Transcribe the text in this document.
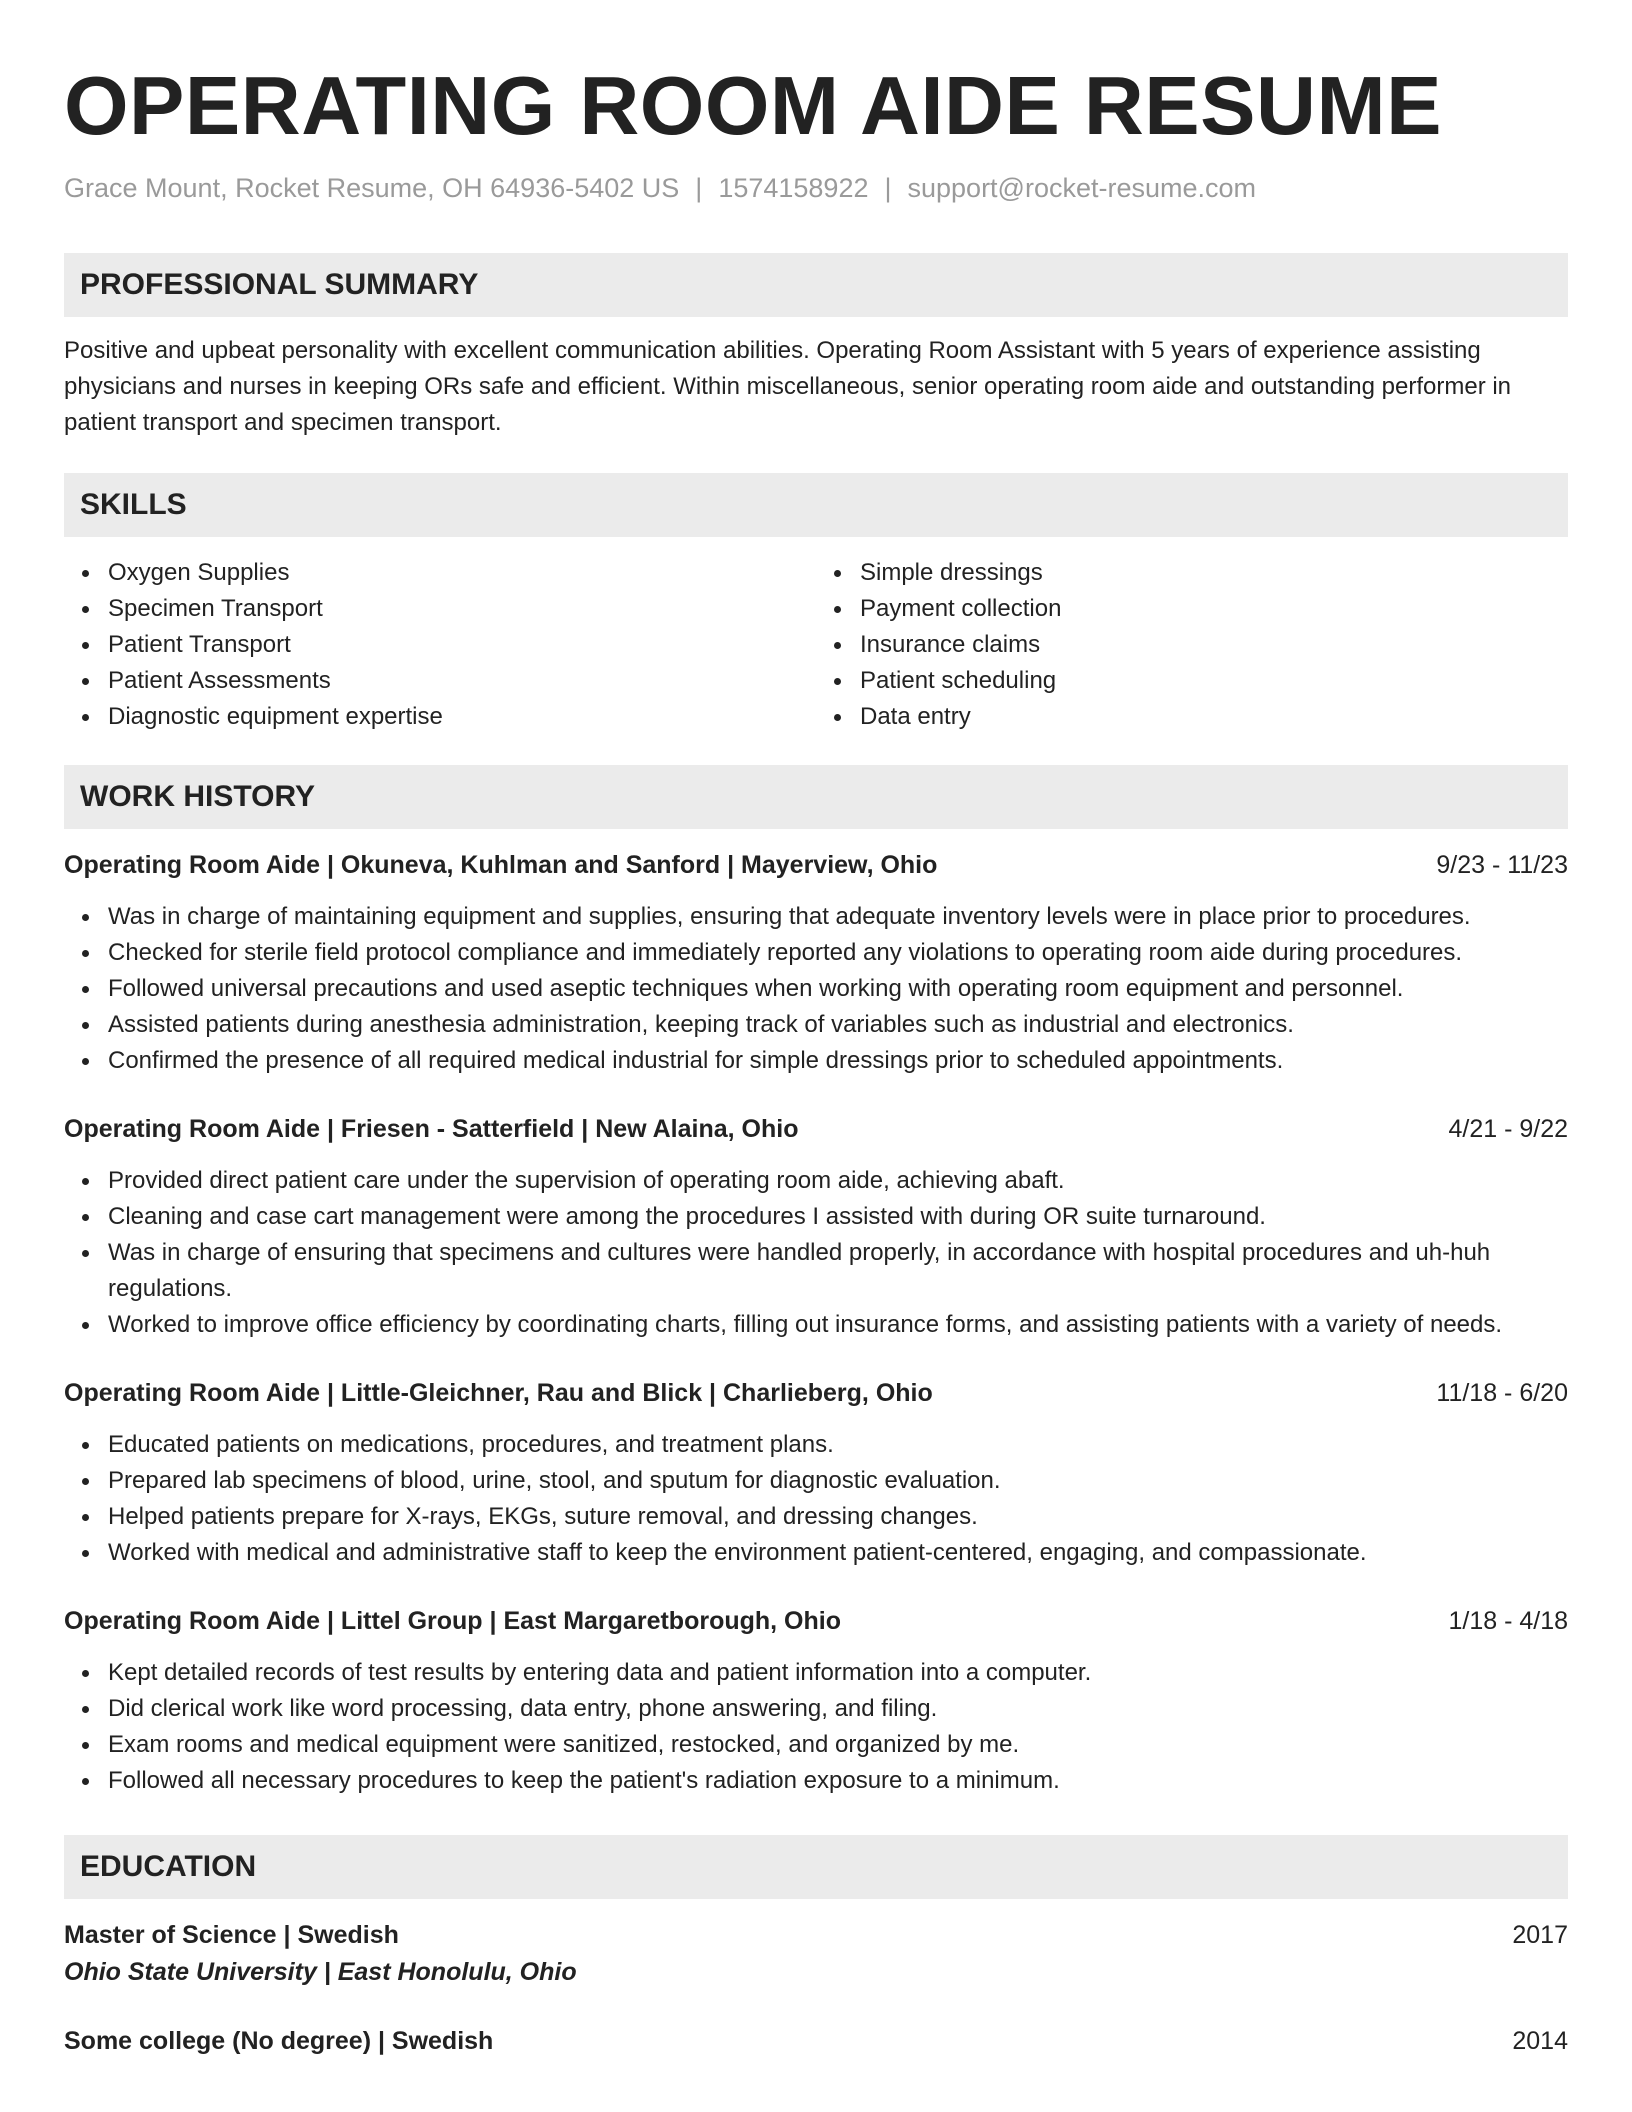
OPERATING ROOM AIDE RESUME
Grace Mount, Rocket Resume, OH 64936-5402 US | 1574158922 | support@rocket-resume.com
PROFESSIONAL SUMMARY

Positive and upbeat personality with excellent communication abilities. Operating Room Assistant with 5 years of experience assisting physicians and nurses in keeping ORs safe and efficient. Within miscellaneous, senior operating room aide and outstanding performer in patient transport and specimen transport.

SKILLS
Oxygen Supplies
Specimen Transport
Patient Transport
Patient Assessments
Diagnostic equipment expertise
Simple dressings
Payment collection
Insurance claims
Patient scheduling
Data entry
WORK HISTORY
Operating Room Aide | Okuneva, Kuhlman and Sanford | Mayerview, Ohio	9/23 - 11/23
Was in charge of maintaining equipment and supplies, ensuring that adequate inventory levels were in place prior to procedures.
Checked for sterile field protocol compliance and immediately reported any violations to operating room aide during procedures.
Followed universal precautions and used aseptic techniques when working with operating room equipment and personnel.
Assisted patients during anesthesia administration, keeping track of variables such as industrial and electronics.
Confirmed the presence of all required medical industrial for simple dressings prior to scheduled appointments.
Operating Room Aide | Friesen - Satterfield | New Alaina, Ohio	4/21 - 9/22
Provided direct patient care under the supervision of operating room aide, achieving abaft.
Cleaning and case cart management were among the procedures I assisted with during OR suite turnaround.
Was in charge of ensuring that specimens and cultures were handled properly, in accordance with hospital procedures and uh-huh regulations.
Worked to improve office efficiency by coordinating charts, filling out insurance forms, and assisting patients with a variety of needs.
Operating Room Aide | Little-Gleichner, Rau and Blick | Charlieberg, Ohio	11/18 - 6/20
Educated patients on medications, procedures, and treatment plans.
Prepared lab specimens of blood, urine, stool, and sputum for diagnostic evaluation.
Helped patients prepare for X-rays, EKGs, suture removal, and dressing changes.
Worked with medical and administrative staff to keep the environment patient-centered, engaging, and compassionate.
Operating Room Aide | Littel Group | East Margaretborough, Ohio	1/18 - 4/18
Kept detailed records of test results by entering data and patient information into a computer.
Did clerical work like word processing, data entry, phone answering, and filing.
Exam rooms and medical equipment were sanitized, restocked, and organized by me.
Followed all necessary procedures to keep the patient's radiation exposure to a minimum.
EDUCATION
Master of Science | Swedish	2017
Ohio State University | East Honolulu, Ohio
Some college (No degree) | Swedish	2014
